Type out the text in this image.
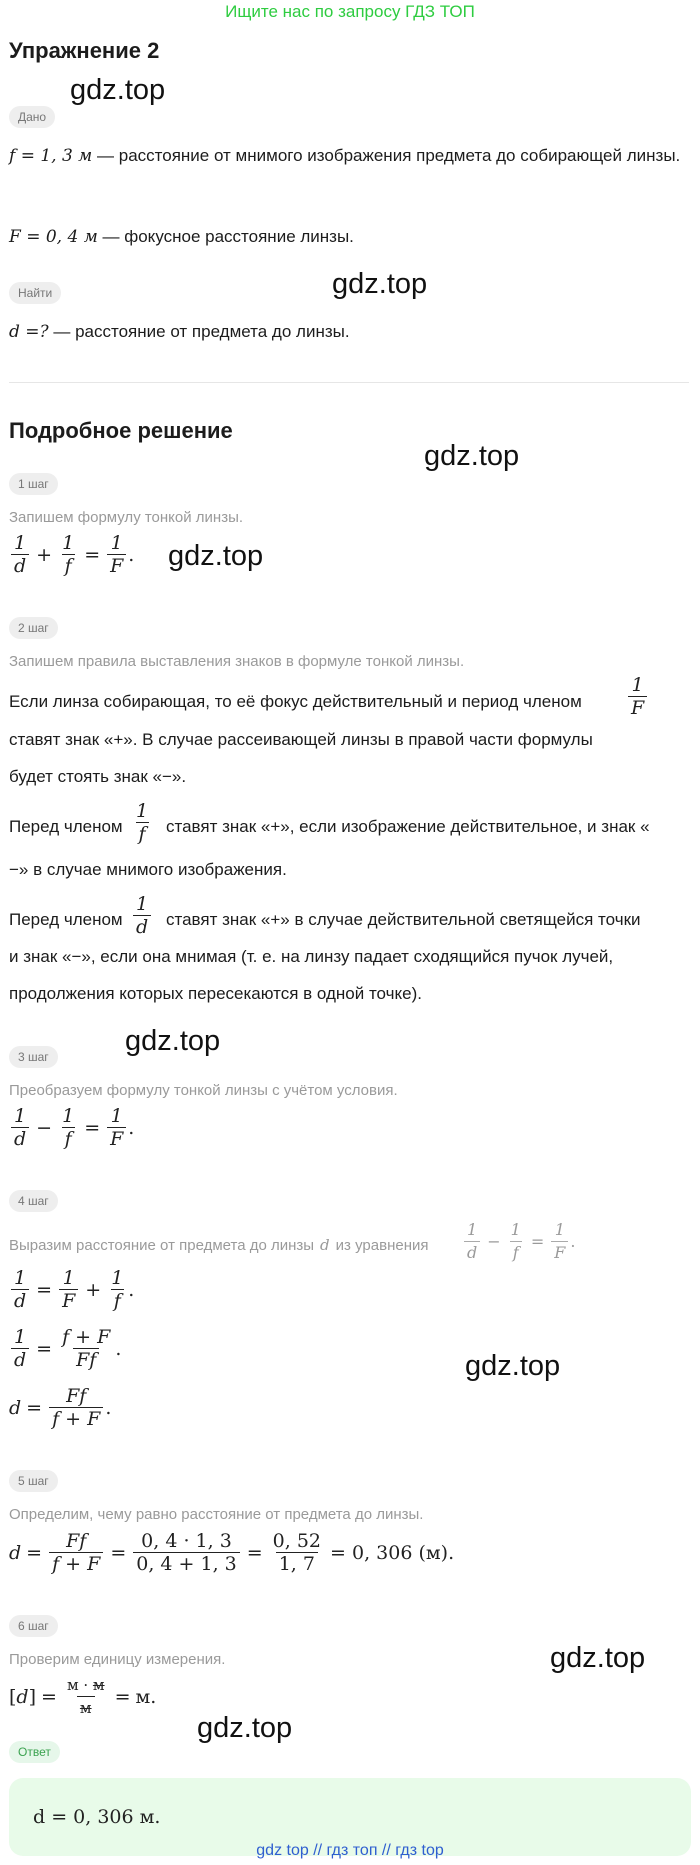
Ищите нас по запросу ГДЗ ТОП
Упражнение 2
gdz.top
gdz.top
gdz.top
gdz.top
gdz.top
gdz.top
gdz.top
gdz.top
Дано
f = 1, 3 м — расстояние от мнимого изображения предмета до собирающей линзы.
F = 0, 4 м — фокусное расстояние линзы.
Найти
d =? — расстояние от предмета до линзы.
Подробное решение
1 шаг
Запишем формулу тонкой линзы.
$\frac{1}{d} + \frac{1}{f} = \frac{1}{F}$ .
2 шаг
Запишем правила выставления знаков в формуле тонкой линзы.
Если линза собирающая, то её фокус действительный и период членом $\frac{1}{F}$
ставят знак «+». В случае рассеивающей линзы в правой части формулы
будет стоять знак «−».
Перед членом $\frac{1}{f}$ ставят знак «+», если изображение действительное, и знак «
−» в случае мнимого изображения.
Перед членом $\frac{1}{d}$ ставят знак «+» в случае действительной светящейся точки
и знак «−», если она мнимая (т. е. на линзу падает сходящийся пучок лучей,
продолжения которых пересекаются в одной точке).
3 шаг
Преобразуем формулу тонкой линзы с учётом условия.
$\frac{1}{d} - \frac{1}{f} = \frac{1}{F}$ .
4 шаг
Выразим расстояние от предмета до линзы d из уравнения $\frac{1}{d} - \frac{1}{f} = \frac{1}{F}$ .
$\frac{1}{d} = \frac{1}{F} + \frac{1}{f}$ .
$\frac{1}{d} = \frac{f + F}{Ff}$ .
$d = \frac{Ff}{f + F}$ .
5 шаг
Определим, чему равно расстояние от предмета до линзы.
$d = \frac{Ff}{f + F} = \frac{0, 4 \cdot 1, 3}{0, 4 + 1, 3} = \frac{0, 52}{1, 7} = 0$, 306 (м).
6 шаг
Проверим единицу измерения.
[ d ] = $\frac{м \cdot м}{м} = м$.
Ответ
d = 0, 306 м.
gdz top // гдз топ // гдз top
